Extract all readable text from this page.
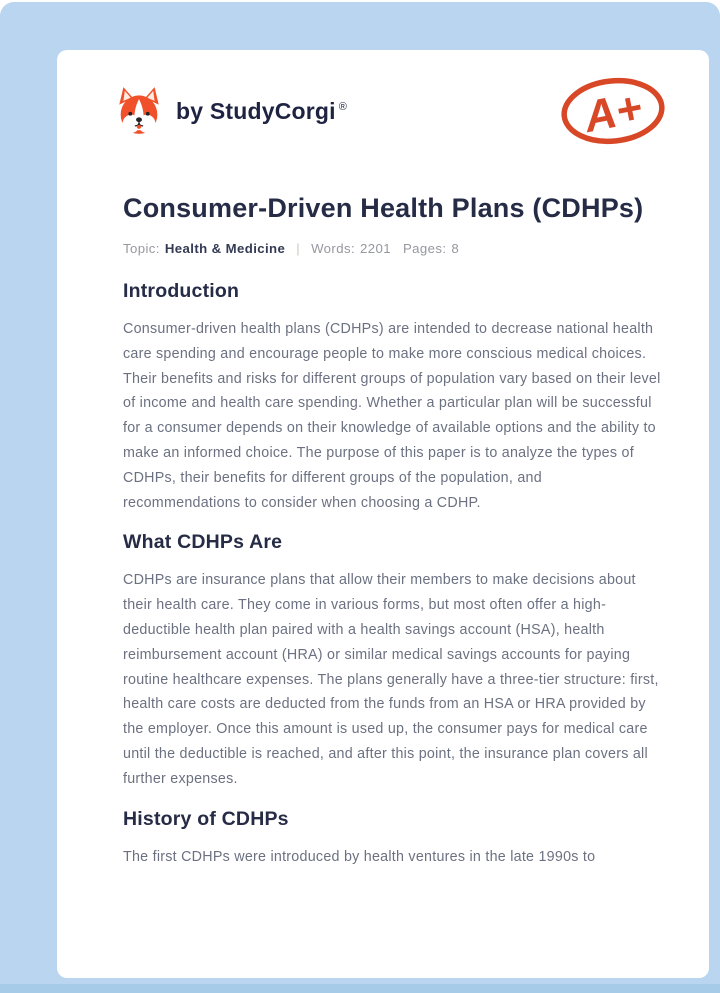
by StudyCorgi ®	A+
Consumer-Driven Health Plans (CDHPs)
Topic: Health & Medicine | Words: 2201 Pages: 8
Introduction

Consumer-driven health plans (CDHPs) are intended to decrease national health care spending and encourage people to make more conscious medical choices. Their benefits and risks for different groups of population vary based on their level of income and health care spending. Whether a particular plan will be successful for a consumer depends on their knowledge of available options and the ability to make an informed choice. The purpose of this paper is to analyze the types of CDHPs, their benefits for different groups of the population, and recommendations to consider when choosing a CDHP.

What CDHPs Are

CDHPs are insurance plans that allow their members to make decisions about their health care. They come in various forms, but most often offer a high-deductible health plan paired with a health savings account (HSA), health reimbursement account (HRA) or similar medical savings accounts for paying routine healthcare expenses. The plans generally have a three-tier structure: first, health care costs are deducted from the funds from an HSA or HRA provided by the employer. Once this amount is used up, the consumer pays for medical care until the deductible is reached, and after this point, the insurance plan covers all further expenses.

History of CDHPs

The first CDHPs were introduced by health ventures in the late 1990s to
